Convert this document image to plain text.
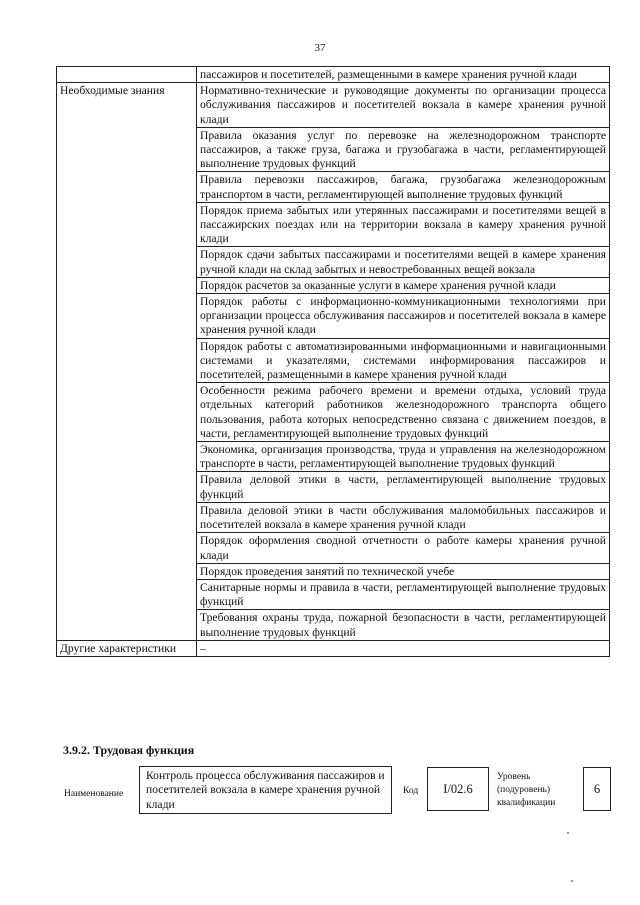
37
	пассажиров и посетителей, размещенными в камере хранения ручной клади
Необходимые знания	Нормативно-технические и руководящие документы по организации процесса обслуживания пассажиров и посетителей вокзала в камере хранения ручной клади
	Правила оказания услуг по перевозке на железнодорожном транспорте пассажиров, а также груза, багажа и грузобагажа в части, регламентирующей выполнение трудовых функций
	Правила перевозки пассажиров, багажа, грузобагажа железнодорожным транспортом в части, регламентирующей выполнение трудовых функций
	Порядок приема забытых или утерянных пассажирами и посетителями вещей в пассажирских поездах или на территории вокзала в камеру хранения ручной клади
	Порядок сдачи забытых пассажирами и посетителями вещей в камере хранения ручной клади на склад забытых и невостребованных вещей вокзала
	Порядок расчетов за оказанные услуги в камере хранения ручной клади
	Порядок работы с информационно-коммуникационными технологиями при организации процесса обслуживания пассажиров и посетителей вокзала в камере хранения ручной клади
	Порядок работы с автоматизированными информационными и навигационными системами и указателями, системами информирования пассажиров и посетителей, размещенными в камере хранения ручной клади
	Особенности режима рабочего времени и времени отдыха, условий труда отдельных категорий работников железнодорожного транспорта общего пользования, работа которых непосредственно связана с движением поездов, в части, регламентирующей выполнение трудовых функций
	Экономика, организация производства, труда и управления на железнодорожном транспорте в части, регламентирующей выполнение трудовых функций
	Правила деловой этики в части, регламентирующей выполнение трудовых функций
	Правила деловой этики в части обслуживания маломобильных пассажиров и посетителей вокзала в камере хранения ручной клади
	Порядок оформления сводной отчетности о работе камеры хранения ручной клади
	Порядок проведения занятий по технической учебе
	Санитарные нормы и правила в части, регламентирующей выполнение трудовых функций
	Требования охраны труда, пожарной безопасности в части, регламентирующей выполнение трудовых функций
Другие характеристики	–
3.9.2. Трудовая функция
Наименование
Контроль процесса обслуживания пассажиров и посетителей вокзала в камере хранения ручной клади
Код	I/02.6
Уровень
(подуровень)
квалификации
6
